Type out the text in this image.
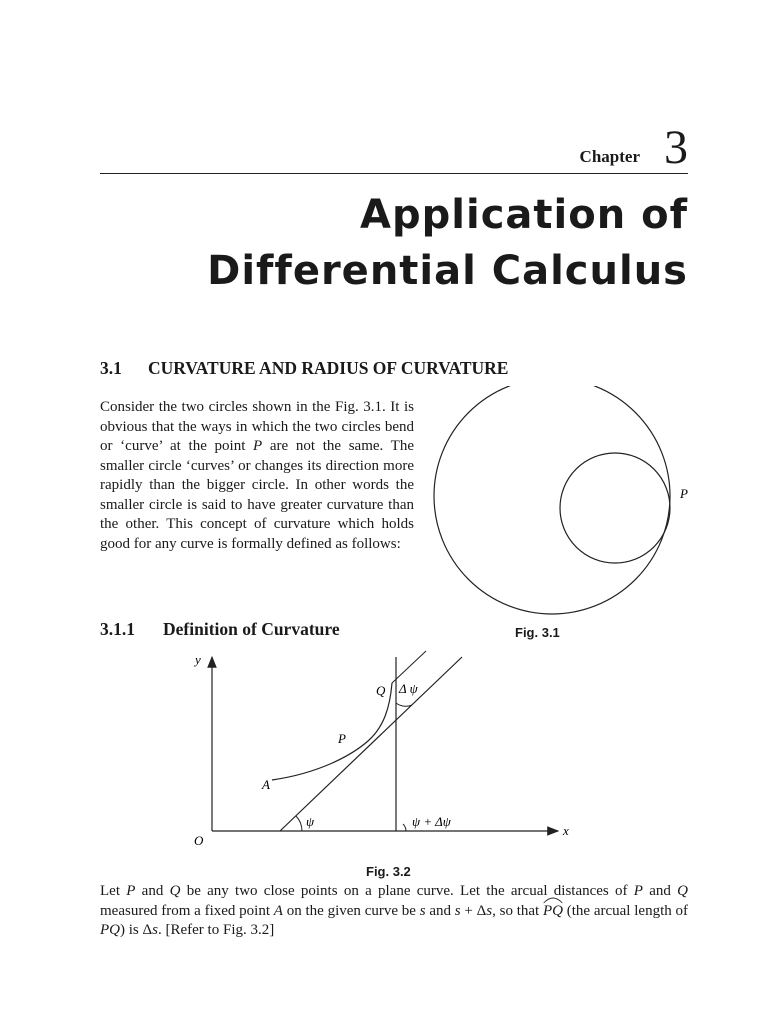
Chapter 3
Application of
Differential Calculus
3.1 CURVATURE AND RADIUS OF CURVATURE

Consider the two circles shown in the Fig. 3.1. It is obvious that the ways in which the two circles bend or ‘curve’ at the point P are not the same. The smaller circle ‘curves’ or changes its direction more rapidly than the bigger circle. In other words the smaller circle is said to have greater curvature than the other. This concept of curvature which holds good for any curve is formally defined as follows:

P
Fig. 3.1
3.1.1 Definition of Curvature
y
x
O
A
P
Q Δ ψ
ψ	ψ + Δψ
Fig. 3.2

Let P and Q be any two close points on a plane curve. Let the arcual distances of P and Q measured from a fixed point A on the given curve be s and s + Δs, so that
PQ (the arcual length of PQ) is Δs. [Refer to Fig. 3.2]
